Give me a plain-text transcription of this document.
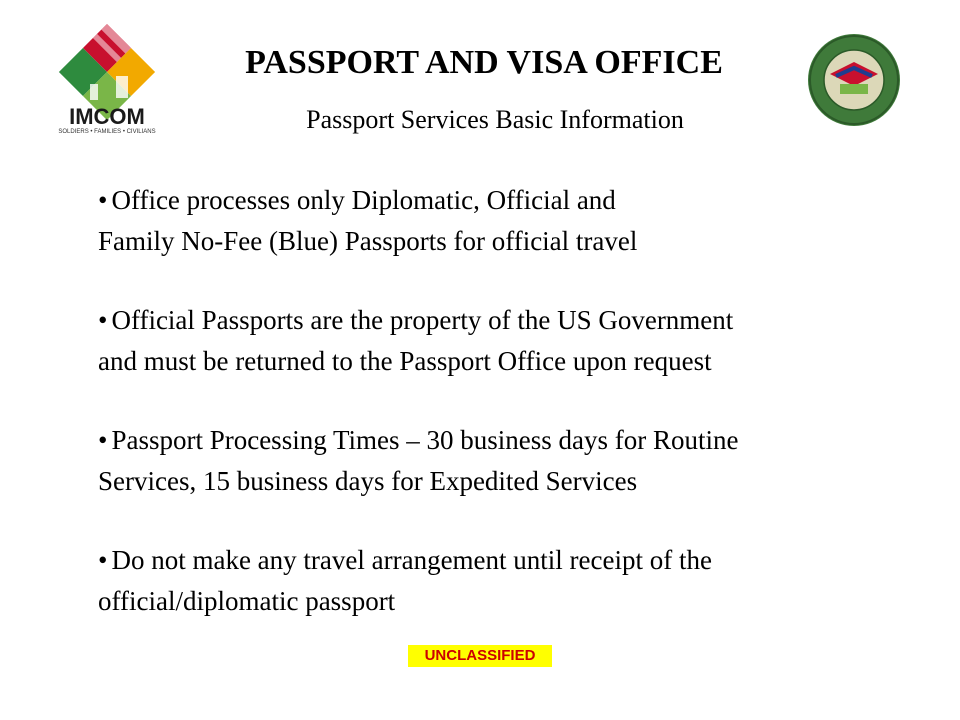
IMCOM
SOLDIERS • FAMILIES • CIVILIANS
PASSPORT AND VISA OFFICE
Passport Services Basic Information
• Office processes only Diplomatic, Official and
Family No-Fee (Blue) Passports for official travel
• Official Passports are the property of the US Government
and must be returned to the Passport Office upon request
• Passport Processing Times – 30 business days for Routine
Services, 15 business days for Expedited Services
• Do not make any travel arrangement until receipt of the
official/diplomatic passport
UNCLASSIFIED
